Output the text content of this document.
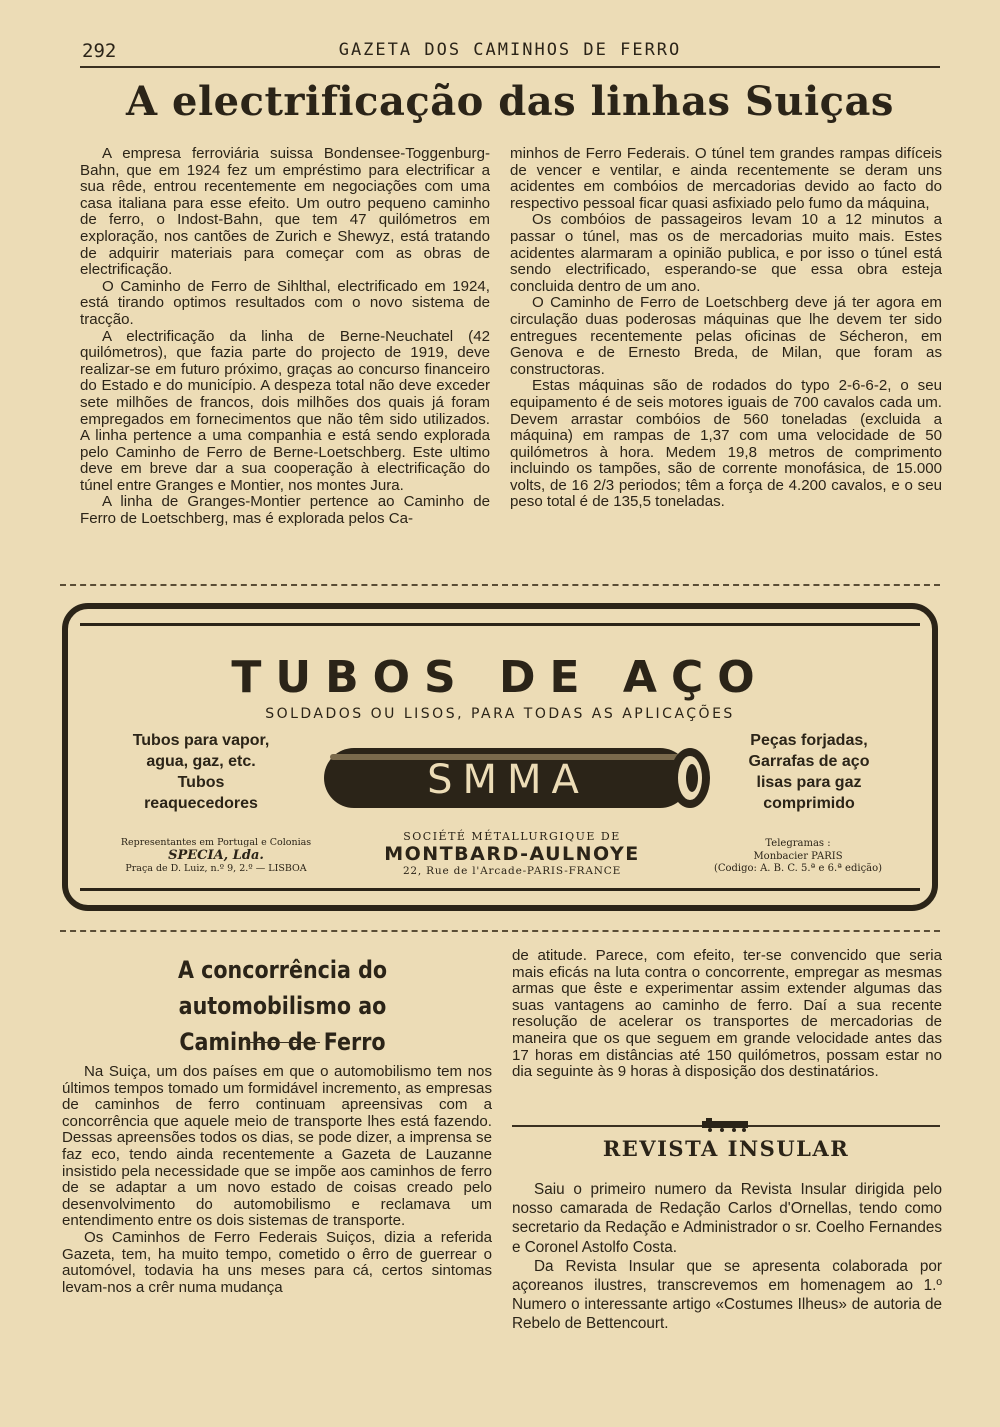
292	GAZETA DOS CAMINHOS DE FERRO
A electrificação das linhas Suiças

A empresa ferroviária suissa Bondensee-Toggenburg-Bahn, que em 1924 fez um empréstimo para electrificar a sua rêde, entrou recentemente em negociações com uma casa italiana para esse efeito. Um outro pequeno caminho de ferro, o Indost-Bahn, que tem 47 quilómetros em exploração, nos cantões de Zurich e Shewyz, está tratando de adquirir materiais para começar com as obras de electrificação.

O Caminho de Ferro de Sihlthal, electrificado em 1924, está tirando optimos resultados com o novo sistema de tracção.

A electrificação da linha de Berne-Neuchatel (42 quilómetros), que fazia parte do projecto de 1919, deve realizar-se em futuro próximo, graças ao concurso financeiro do Estado e do município. A despeza total não deve exceder sete milhões de francos, dois milhões dos quais já foram empregados em fornecimentos que não têm sido utilizados. A linha pertence a uma companhia e está sendo explorada pelo Caminho de Ferro de Berne-Loetschberg. Este ultimo deve em breve dar a sua cooperação à electrificação do túnel entre Granges e Montier, nos montes Jura.

A linha de Granges-Montier pertence ao Caminho de Ferro de Loetschberg, mas é explorada pelos Ca-

minhos de Ferro Federais. O túnel tem grandes rampas difíceis de vencer e ventilar, e ainda recentemente se deram uns acidentes em combóios de mercadorias devido ao facto do respectivo pessoal ficar quasi asfixiado pelo fumo da máquina,

Os combóios de passageiros levam 10 a 12 minutos a passar o túnel, mas os de mercadorias muito mais. Estes acidentes alarmaram a opinião publica, e por isso o túnel está sendo electrificado, esperando-se que essa obra esteja concluida dentro de um ano.

O Caminho de Ferro de Loetschberg deve já ter agora em circulação duas poderosas máquinas que lhe devem ter sido entregues recentemente pelas oficinas de Sécheron, em Genova e de Ernesto Breda, de Milan, que foram as constructoras.

Estas máquinas são de rodados do typo 2-6-6-2, o seu equipamento é de seis motores iguais de 700 cavalos cada um. Devem arrastar combóios de 560 toneladas (excluida a máquina) em rampas de 1,37 com uma velocidade de 50 quilómetros à hora. Medem 19,8 metros de comprimento incluindo os tampões, são de corrente monofásica, de 15.000 volts, de 16 2/3 periodos; têm a força de 4.200 cavalos, e o seu peso total é de 135,5 toneladas.

TUBOS DE AÇO
SOLDADOS OU LISOS, PARA TODAS AS APLICAÇÕES
Tubos para vapor,
agua, gaz, etc.
Tubos
reaquecedores
SMMA
Peças forjadas,
Garrafas de aço
lisas para gaz
comprimido
Representantes em Portugal e Colonias
SPECIA, Lda.
Praça de D. Luiz, n.º 9, 2.º — LISBOA
SOCIÉTÉ MÉTALLURGIQUE DE
MONTBARD-AULNOYE
22, Rue de l'Arcade-PARIS-FRANCE
Telegramas :
Monbacier PARIS
(Codigo: A. B. C. 5.ª e 6.ª edição)
A concorrência do automobilismo ao
Caminho de Ferro

Na Suiça, um dos países em que o automobilismo tem nos últimos tempos tomado um formidável incremento, as empresas de caminhos de ferro continuam apreensivas com a concorrência que aquele meio de transporte lhes está fazendo. Dessas apreensões todos os dias, se pode dizer, a imprensa se faz eco, tendo ainda recentemente a Gazeta de Lauzanne insistido pela necessidade que se impõe aos caminhos de ferro de se adaptar a um novo estado de coisas creado pelo desenvolvimento do automobilismo e reclamava um entendimento entre os dois sistemas de transporte.

Os Caminhos de Ferro Federais Suiços, dizia a referida Gazeta, tem, ha muito tempo, cometido o êrro de guerrear o automóvel, todavia ha uns meses para cá, certos sintomas levam-nos a crêr numa mudança

de atitude. Parece, com efeito, ter-se convencido que seria mais eficás na luta contra o concorrente, empregar as mesmas armas que êste e experimentar assim extender algumas das suas vantagens ao caminho de ferro. Daí a sua recente resolução de acelerar os transportes de mercadorias de maneira que os que seguem em grande velocidade antes das 17 horas em distâncias até 150 quilómetros, possam estar no dia seguinte às 9 horas à disposição dos destinatários.

REVISTA INSULAR

Saiu o primeiro numero da Revista Insular dirigida pelo nosso camarada de Redação Carlos d'Ornellas, tendo como secretario da Redação e Administrador o sr. Coelho Fernandes e Coronel Astolfo Costa.

Da Revista Insular que se apresenta colaborada por açoreanos ilustres, transcrevemos em homenagem ao 1.º Numero o interessante artigo «Costumes Ilheus» de autoria de Rebelo de Bettencourt.
